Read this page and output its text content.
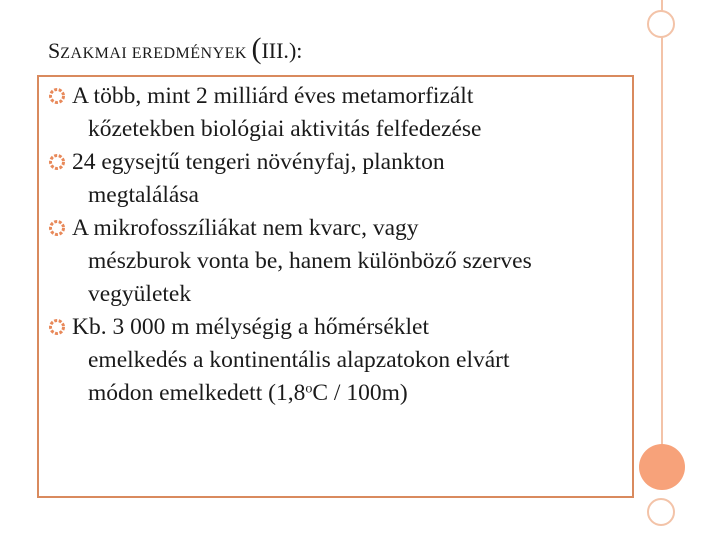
SZAKMAI EREDMÉNYEK (III.):
A több, mint 2 milliárd éves metamorfizált
kőzetekben biológiai aktivitás felfedezése
24 egysejtű tengeri növényfaj, plankton
megtalálása
A mikrofosszíliákat nem kvarc, vagy
mészburok vonta be, hanem különböző szerves
vegyületek
Kb. 3 000 m mélységig a hőmérséklet
emelkedés a kontinentális alapzatokon elvárt
módon emelkedett (1,8$^o$C / 100m)
